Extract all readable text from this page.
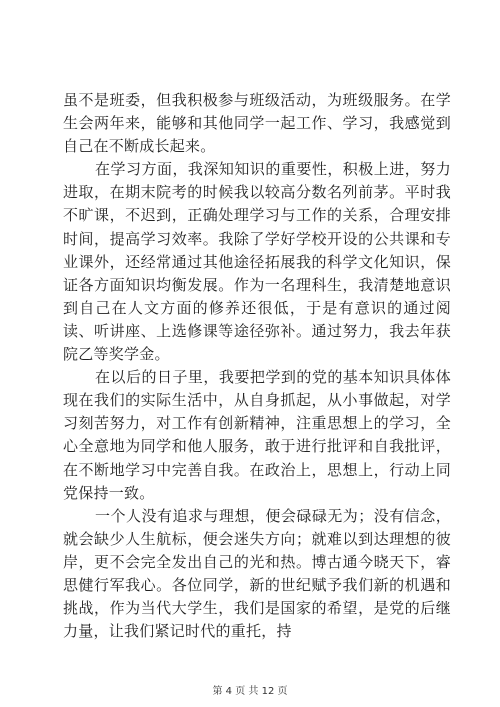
虽不是班委，但我积极参与班级活动，为班级服务。在学生会两年来，能够和其他同学一起工作、学习，我感觉到自己在不断成长起来。

在学习方面，我深知知识的重要性，积极上进，努力进取，在期末院考的时候我以较高分数名列前茅。平时我不旷课，不迟到，正确处理学习与工作的关系，合理安排时间，提高学习效率。我除了学好学校开设的公共课和专业课外，还经常通过其他途径拓展我的科学文化知识，保证各方面知识均衡发展。作为一名理科生，我清楚地意识到自己在人文方面的修养还很低，于是有意识的通过阅读、听讲座、上选修课等途径弥补。通过努力，我去年获院乙等奖学金。

在以后的日子里，我要把学到的党的基本知识具体体现在我们的实际生活中，从自身抓起，从小事做起，对学习刻苦努力，对工作有创新精神，注重思想上的学习，全心全意地为同学和他人服务，敢于进行批评和自我批评，在不断地学习中完善自我。在政治上，思想上，行动上同党保持一致。

一个人没有追求与理想，便会碌碌无为；没有信念，就会缺少人生航标，便会迷失方向；就难以到达理想的彼岸，更不会完全发出自己的光和热。博古通今晓天下，睿思健行军我心。各位同学，新的世纪赋予我们新的机遇和挑战，作为当代大学生，我们是国家的希望，是党的后继力量，让我们紧记时代的重托，持

第 4 页 共 12 页
